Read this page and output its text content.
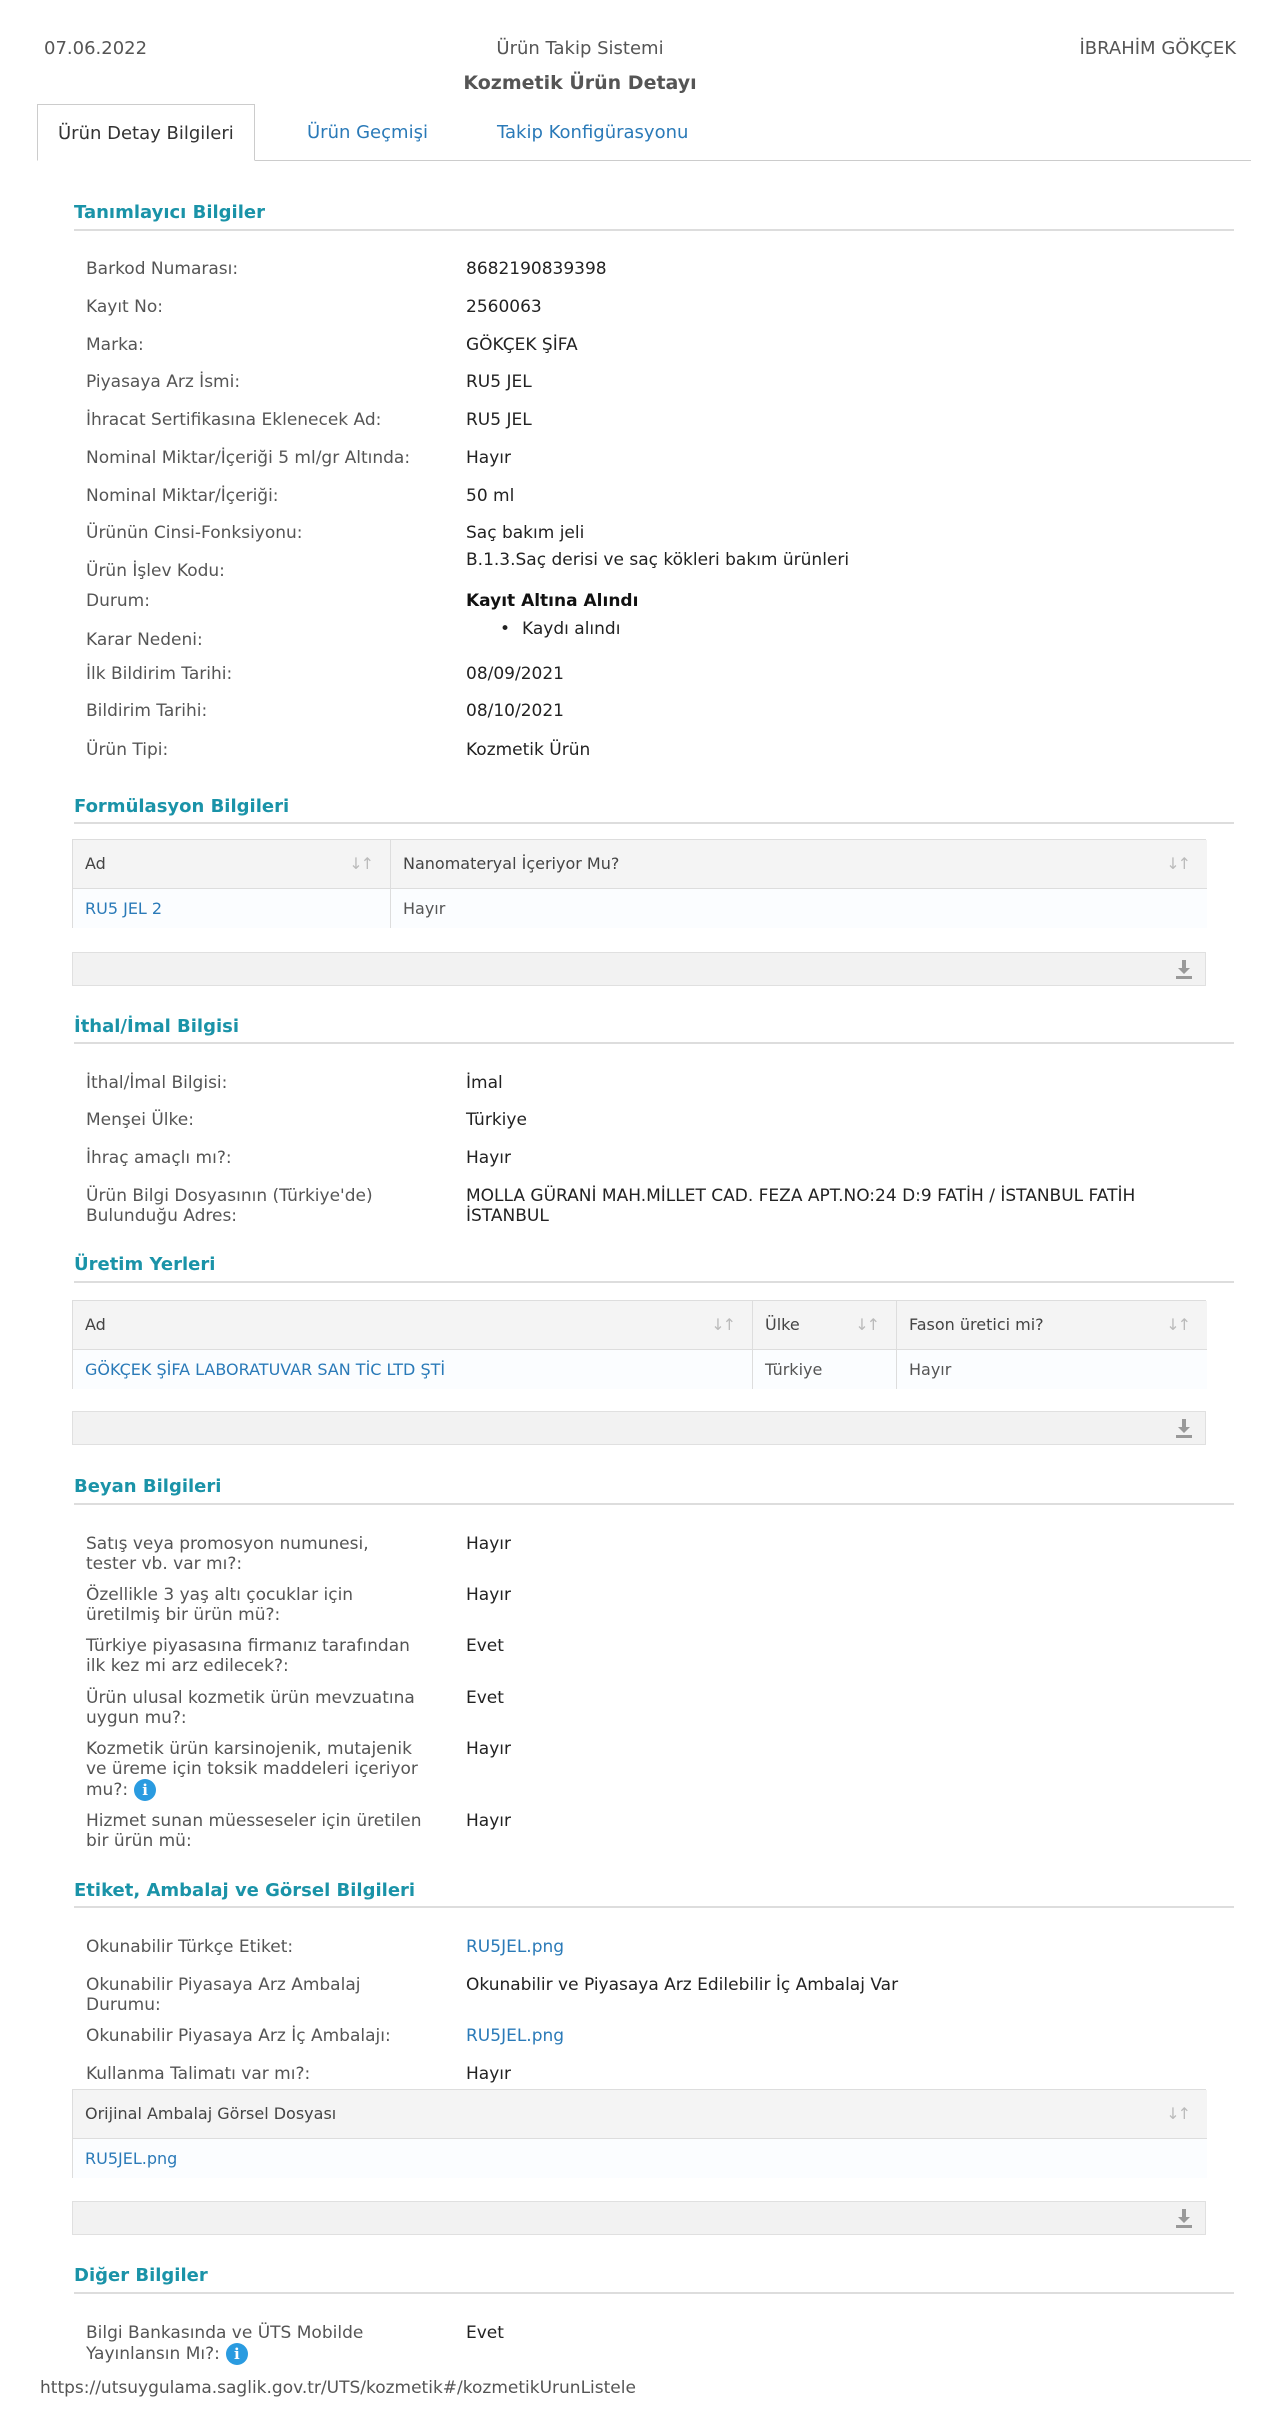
07.06.2022	Ürün Takip Sistemi	İBRAHİM GÖKÇEK
Kozmetik Ürün Detayı
Ürün Detay Bilgileri	Ürün Geçmişi	Takip Konfigürasyonu
Tanımlayıcı Bilgiler
Barkod Numarası:	8682190839398
Kayıt No:	2560063
Marka:	GÖKÇEK ŞİFA
Piyasaya Arz İsmi:	RU5 JEL
İhracat Sertifikasına Eklenecek Ad:	RU5 JEL
Nominal Miktar/İçeriği 5 ml/gr Altında:	Hayır
Nominal Miktar/İçeriği:	50 ml
Ürünün Cinsi-Fonksiyonu:	Saç bakım jeli
Ürün İşlev Kodu:
B.1.3.Saç derisi ve saç kökleri bakım ürünleri
Durum:	Kayıt Altına Alındı
Karar Nedeni:
• Kaydı alındı
İlk Bildirim Tarihi:	08/09/2021
Bildirim Tarihi:	08/10/2021
Ürün Tipi:	Kozmetik Ürün
Formülasyon Bilgileri
Ad	↓↑	Nanomateryal İçeriyor Mu?	↓↑
RU5 JEL 2	Hayır
İthal/İmal Bilgisi
İthal/İmal Bilgisi:	İmal
Menşei Ülke:	Türkiye
İhraç amaçlı mı?:	Hayır
Ürün Bilgi Dosyasının (Türkiye'de)
Bulunduğu Adres:
MOLLA GÜRANİ MAH.MİLLET CAD. FEZA APT.NO:24 D:9 FATİH / İSTANBUL FATİH
İSTANBUL
Üretim Yerleri
Ad	↓↑	Ülke	↓↑	Fason üretici mi?	↓↑
GÖKÇEK ŞİFA LABORATUVAR SAN TİC LTD ŞTİ	Türkiye	Hayır
Beyan Bilgileri
Satış veya promosyon numunesi,
tester vb. var mı?:
Hayır
Özellikle 3 yaş altı çocuklar için
üretilmiş bir ürün mü?:
Hayır
Türkiye piyasasına firmanız tarafından
ilk kez mi arz edilecek?:
Evet
Ürün ulusal kozmetik ürün mevzuatına
uygun mu?:
Evet
Kozmetik ürün karsinojenik, mutajenik
ve üreme için toksik maddeleri içeriyor
mu?: i
Hayır
Hizmet sunan müesseseler için üretilen
bir ürün mü:
Hayır
Etiket, Ambalaj ve Görsel Bilgileri
Okunabilir Türkçe Etiket:	RU5JEL.png
Okunabilir Piyasaya Arz Ambalaj
Durumu:
Okunabilir ve Piyasaya Arz Edilebilir İç Ambalaj Var
Okunabilir Piyasaya Arz İç Ambalajı:	RU5JEL.png
Kullanma Talimatı var mı?:	Hayır
Orijinal Ambalaj Görsel Dosyası	↓↑
RU5JEL.png
Diğer Bilgiler
Bilgi Bankasında ve ÜTS Mobilde
Yayınlansın Mı?: i
Evet
https://utsuygulama.saglik.gov.tr/UTS/kozmetik#/kozmetikUrunListele
